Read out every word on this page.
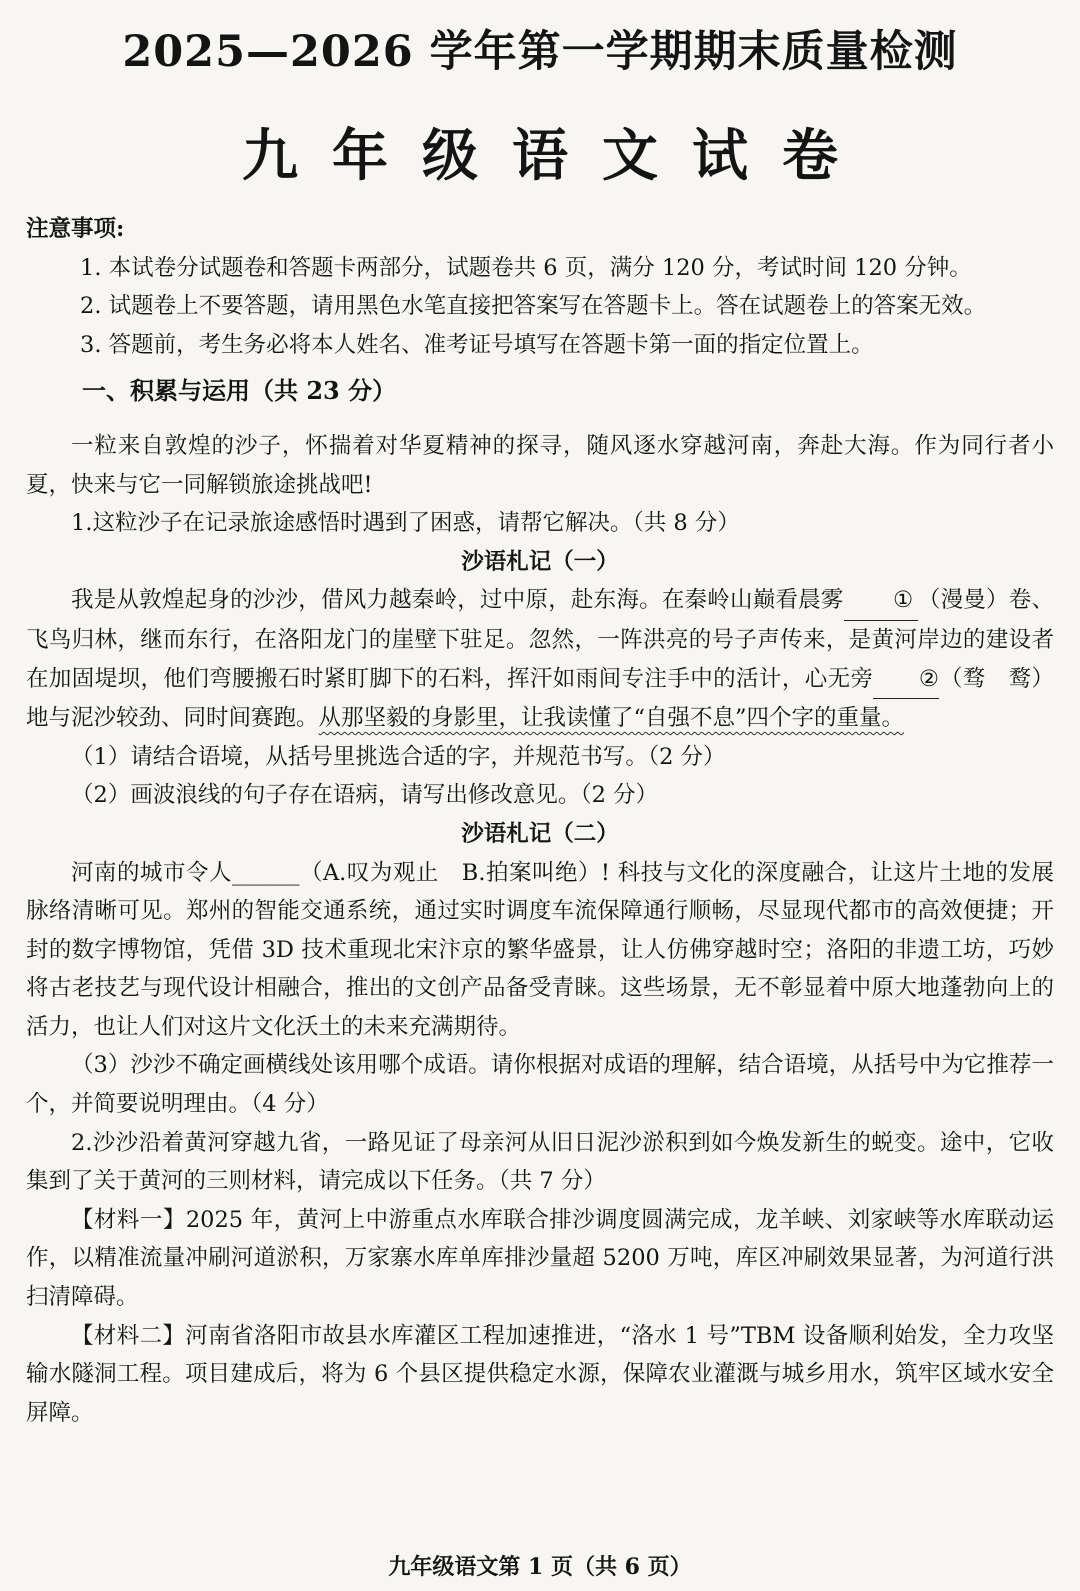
2025—2026 学年第一学期期末质量检测
九年级语文试卷

注意事项:

1. 本试卷分试题卷和答题卡两部分，试题卷共 6 页，满分 120 分，考试时间 120 分钟。

2. 试题卷上不要答题，请用黑色水笔直接把答案写在答题卡上。答在试题卷上的答案无效。

3. 答题前，考生务必将本人姓名、准考证号填写在答题卡第一面的指定位置上。

一、积累与运用（共 23 分）

一粒来自敦煌的沙子，怀揣着对华夏精神的探寻，随风逐水穿越河南，奔赴大海。作为同行者小夏，快来与它一同解锁旅途挑战吧!

1.这粒沙子在记录旅途感悟时遇到了困惑，请帮它解决。（共 8 分）

沙语札记（一）

我是从敦煌起身的沙沙，借风力越秦岭，过中原，赴东海。在秦岭山巅看晨雾 ① （漫曼）卷、飞鸟归林，继而东行，在洛阳龙门的崖壁下驻足。忽然，一阵洪亮的号子声传来，是黄河岸边的建设者在加固堤坝，他们弯腰搬石时紧盯脚下的石料，挥汗如雨间专注手中的活计，心无旁 ②（骛　鹜）地与泥沙较劲、同时间赛跑。从那坚毅的身影里，让我读懂了“自强不息”四个字的重量。

（1）请结合语境，从括号里挑选合适的字，并规范书写。（2 分）

（2）画波浪线的句子存在语病，请写出修改意见。（2 分）

沙语札记（二）

河南的城市令人______（A.叹为观止　B.拍案叫绝）! 科技与文化的深度融合，让这片土地的发展脉络清晰可见。郑州的智能交通系统，通过实时调度车流保障通行顺畅，尽显现代都市的高效便捷；开封的数字博物馆，凭借 3D 技术重现北宋汴京的繁华盛景，让人仿佛穿越时空；洛阳的非遗工坊，巧妙将古老技艺与现代设计相融合，推出的文创产品备受青睐。这些场景，无不彰显着中原大地蓬勃向上的活力，也让人们对这片文化沃土的未来充满期待。

（3）沙沙不确定画横线处该用哪个成语。请你根据对成语的理解，结合语境，从括号中为它推荐一个，并简要说明理由。（4 分）

2.沙沙沿着黄河穿越九省，一路见证了母亲河从旧日泥沙淤积到如今焕发新生的蜕变。途中，它收集到了关于黄河的三则材料，请完成以下任务。（共 7 分）

【材料一】2025 年，黄河上中游重点水库联合排沙调度圆满完成，龙羊峡、刘家峡等水库联动运作，以精准流量冲刷河道淤积，万家寨水库单库排沙量超 5200 万吨，库区冲刷效果显著，为河道行洪扫清障碍。

【材料二】河南省洛阳市故县水库灌区工程加速推进，“洛水 1 号”TBM 设备顺利始发，全力攻坚输水隧洞工程。项目建成后，将为 6 个县区提供稳定水源，保障农业灌溉与城乡用水，筑牢区域水安全屏障。

九年级语文第 1 页（共 6 页）
